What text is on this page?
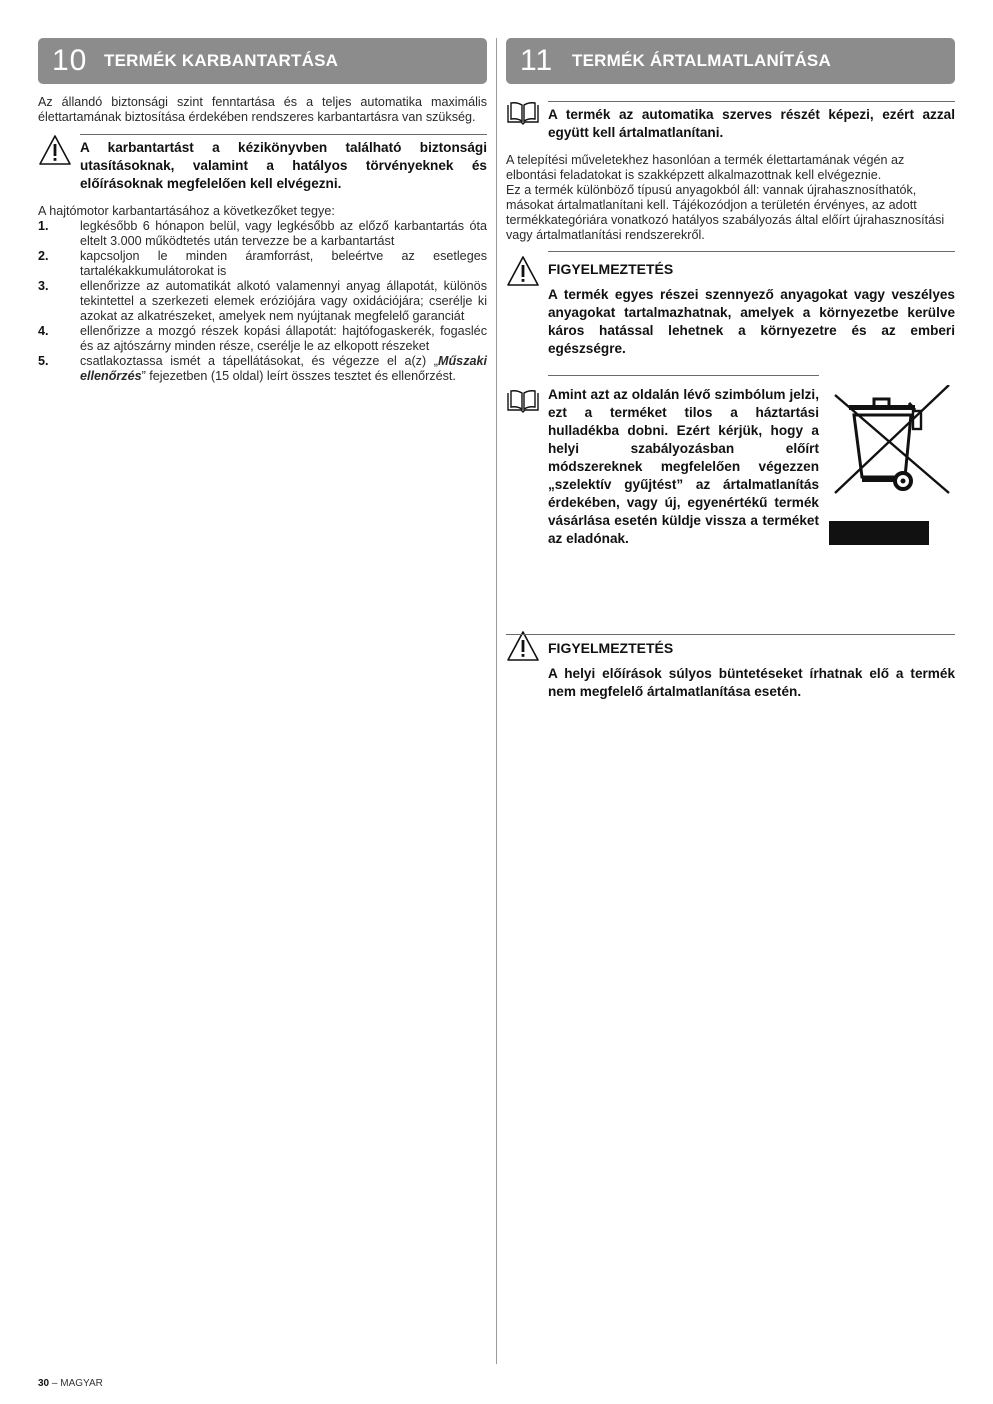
10 TERMÉK KARBANTARTÁSA

Az állandó biztonsági szint fenntartása és a teljes automatika maximális élettartamának biztosítása érdekében rendszeres karbantartásra van szükség.

A karbantartást a kézikönyvben található biztonsági utasításoknak, valamint a hatályos törvényeknek és előírásoknak megfelelően kell elvégezni.

A hajtómotor karbantartásához a következőket tegye:

1.	legkésőbb 6 hónapon belül, vagy legkésőbb az előző karbantartás óta eltelt 3.000 működtetés után tervezze be a karbantartást
2.	kapcsoljon le minden áramforrást, beleértve az esetleges tartalékakkumulátorokat is
3.	ellenőrizze az automatikát alkotó valamennyi anyag állapotát, különös tekintettel a szerkezeti elemek eróziójára vagy oxidációjára; cserélje ki azokat az alkatrészeket, amelyek nem nyújtanak megfelelő garanciát
4.	ellenőrizze a mozgó részek kopási állapotát: hajtófogaskerék, fogasléc és az ajtószárny minden része, cserélje le az elkopott részeket
5.	csatlakoztassa ismét a tápellátásokat, és végezze el a(z) „Műszaki ellenőrzés” fejezetben (15 oldal) leírt összes tesztet és ellenőrzést.
11	TERMÉK ÁRTALMATLANÍTÁSA

A termék az automatika szerves részét képezi, ezért azzal együtt kell ártalmatlanítani.

A telepítési műveletekhez hasonlóan a termék élettartamának végén az elbontási feladatokat is szakképzett alkalmazottnak kell elvégeznie.

Ez a termék különböző típusú anyagokból áll: vannak újrahasznosíthatók, másokat ártalmatlanítani kell. Tájékozódjon a területén érvényes, az adott termékkategóriára vonatkozó hatályos szabályozás által előírt újrahasznosítási vagy ártalmatlanítási rendszerekről.

FIGYELMEZTETÉS

A termék egyes részei szennyező anyagokat vagy veszélyes anyagokat tartalmazhatnak, amelyek a környezetbe kerülve káros hatással lehetnek a környezetre és az emberi egészségre.

Amint azt az oldalán lévő szimbólum jelzi, ezt a terméket tilos a háztartási hulladékba dobni. Ezért kérjük, hogy a helyi szabályozásban előírt módszereknek megfelelően végezzen „szelektív gyűjtést” az ártalmatlanítás érdekében, vagy új, egyenértékű termék vásárlása esetén küldje vissza a terméket az eladónak.

FIGYELMEZTETÉS

A helyi előírások súlyos büntetéseket írhatnak elő a termék nem megfelelő ártalmatlanítása esetén.

30 – MAGYAR
